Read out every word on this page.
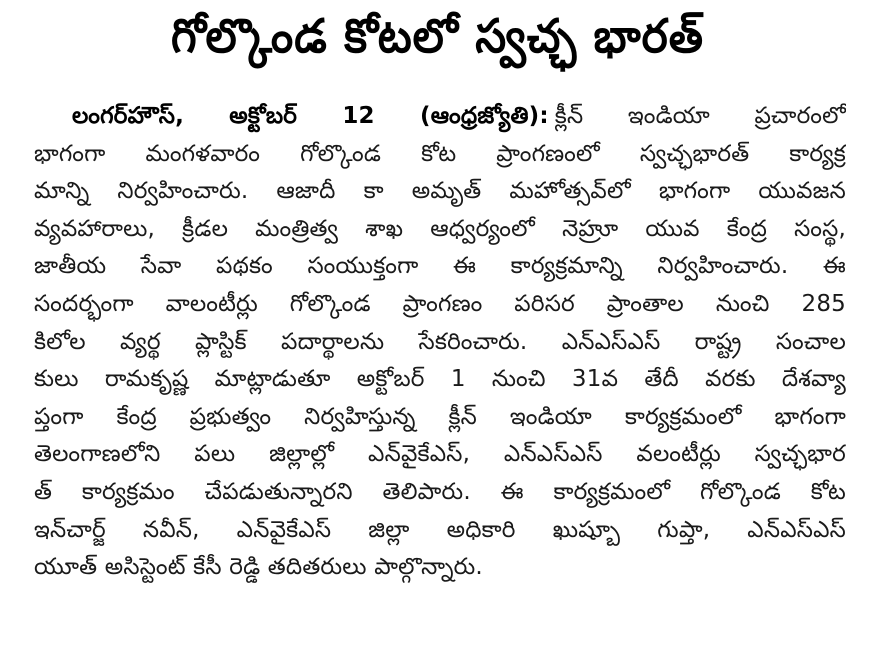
గోల్కొండ కోటలో స్వచ్ఛ భారత్
లంగర్‌హౌస్, అక్టోబర్ 12 (ఆంధ్రజ్యోతి): క్లీన్ ఇండియా ప్రచారంలో
భాగంగా మంగళవారం గోల్కొండ కోట ప్రాంగణంలో స్వచ్ఛభారత్ కార్యక్ర
మాన్ని నిర్వహించారు. ఆజాదీ కా అమృత్ మహోత్సవ్‌లో భాగంగా యువజన
వ్యవహారాలు, క్రీడల మంత్రిత్వ శాఖ ఆధ్వర్యంలో నెహ్రూ యువ కేంద్ర సంస్థ,
జాతీయ సేవా పథకం సంయుక్తంగా ఈ కార్యక్రమాన్ని నిర్వహించారు. ఈ
సందర్భంగా వాలంటీర్లు గోల్కొండ ప్రాంగణం పరిసర ప్రాంతాల నుంచి 285
కిలోల వ్యర్థ ప్లాస్టిక్ పదార్థాలను సేకరించారు. ఎన్‌ఎస్ఎస్ రాష్ట్ర సంచాల
కులు రామకృష్ణ మాట్లాడుతూ అక్టోబర్ 1 నుంచి 31వ తేదీ వరకు దేశవ్యా
ప్తంగా కేంద్ర ప్రభుత్వం నిర్వహిస్తున్న క్లీన్ ఇండియా కార్యక్రమంలో భాగంగా
తెలంగాణలోని పలు జిల్లాల్లో ఎన్‌వైకేఎస్, ఎన్‌ఎస్ఎస్ వలంటీర్లు స్వచ్ఛభార
త్ కార్యక్రమం చేపడుతున్నారని తెలిపారు. ఈ కార్యక్రమంలో గోల్కొండ కోట
ఇన్‌చార్జ్ నవీన్, ఎన్‌వైకేఎస్ జిల్లా అధికారి ఖుష్బూ గుప్తా, ఎన్‌ఎస్ఎస్
యూత్ అసిస్టెంట్ కేసీ రెడ్డి తదితరులు పాల్గొన్నారు.
